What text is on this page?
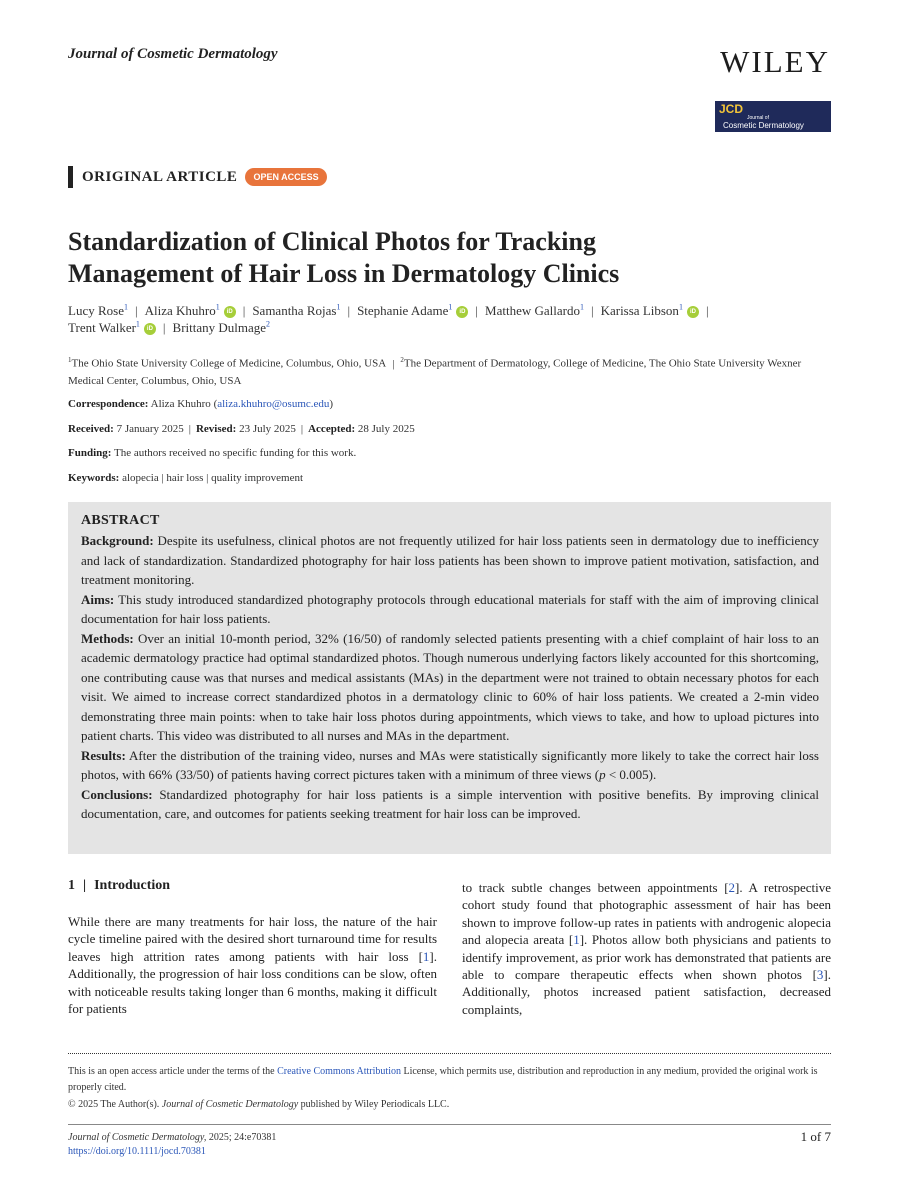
Journal of Cosmetic Dermatology	WILEY
JCD
Journal of
Cosmetic Dermatology
ORIGINAL ARTICLE	OPEN ACCESS
Standardization of Clinical Photos for Tracking
Management of Hair Loss in Dermatology Clinics
Lucy Rose$^1$ | Aliza Khuhro$^1$iD | Samantha Rojas$^1$ | Stephanie Adame$^1$iD | Matthew Gallardo$^1$ | Karissa Libson$^1$iD |
Trent Walker$^1$iD | Brittany Dulmage$^2$
$^1$The Ohio State University College of Medicine, Columbus, Ohio, USA | $^2$The Department of Dermatology, College of Medicine, The Ohio State University Wexner Medical Center, Columbus, Ohio, USA
Correspondence: Aliza Khuhro (aliza.khuhro@osumc.edu)
Received: 7 January 2025 | Revised: 23 July 2025 | Accepted: 28 July 2025
Funding: The authors received no specific funding for this work.
Keywords: alopecia | hair loss | quality improvement
ABSTRACT

Background: Despite its usefulness, clinical photos are not frequently utilized for hair loss patients seen in dermatology due to inefficiency and lack of standardization. Standardized photography for hair loss patients has been shown to improve patient motivation, satisfaction, and treatment monitoring.

Aims: This study introduced standardized photography protocols through educational materials for staff with the aim of improving clinical documentation for hair loss patients.

Methods: Over an initial 10-month period, 32% (16/50) of randomly selected patients presenting with a chief complaint of hair loss to an academic dermatology practice had optimal standardized photos. Though numerous underlying factors likely accounted for this shortcoming, one contributing cause was that nurses and medical assistants (MAs) in the department were not trained to obtain necessary photos for each visit. We aimed to increase correct standardized photos in a dermatology clinic to 60% of hair loss patients. We created a 2-min video demonstrating three main points: when to take hair loss photos during appointments, which views to take, and how to upload pictures into patient charts. This video was distributed to all nurses and MAs in the department.

Results: After the distribution of the training video, nurses and MAs were statistically significantly more likely to take the correct hair loss photos, with 66% (33/50) of patients having correct pictures taken with a minimum of three views (p < 0.005).

Conclusions: Standardized photography for hair loss patients is a simple intervention with positive benefits. By improving clinical documentation, care, and outcomes for patients seeking treatment for hair loss can be improved.

1 | Introduction
While there are many treatments for hair loss, the nature of the hair cycle timeline paired with the desired short turnaround time for results leaves high attrition rates among patients with hair loss [1]. Additionally, the progression of hair loss conditions can be slow, often with noticeable results taking longer than 6 months, making it difficult for patients
to track subtle changes between appointments [2]. A retrospective cohort study found that photographic assessment of hair has been shown to improve follow-up rates in patients with androgenic alopecia and alopecia areata [1]. Photos allow both physicians and patients to identify improvement, as prior work has demonstrated that patients are able to compare therapeutic effects when shown photos [3]. Additionally, photos increased patient satisfaction, decreased complaints,
This is an open access article under the terms of the Creative Commons Attribution License, which permits use, distribution and reproduction in any medium, provided the original work is properly cited.
© 2025 The Author(s). Journal of Cosmetic Dermatology published by Wiley Periodicals LLC.
Journal of Cosmetic Dermatology, 2025; 24:e70381
https://doi.org/10.1111/jocd.70381
1 of 7
